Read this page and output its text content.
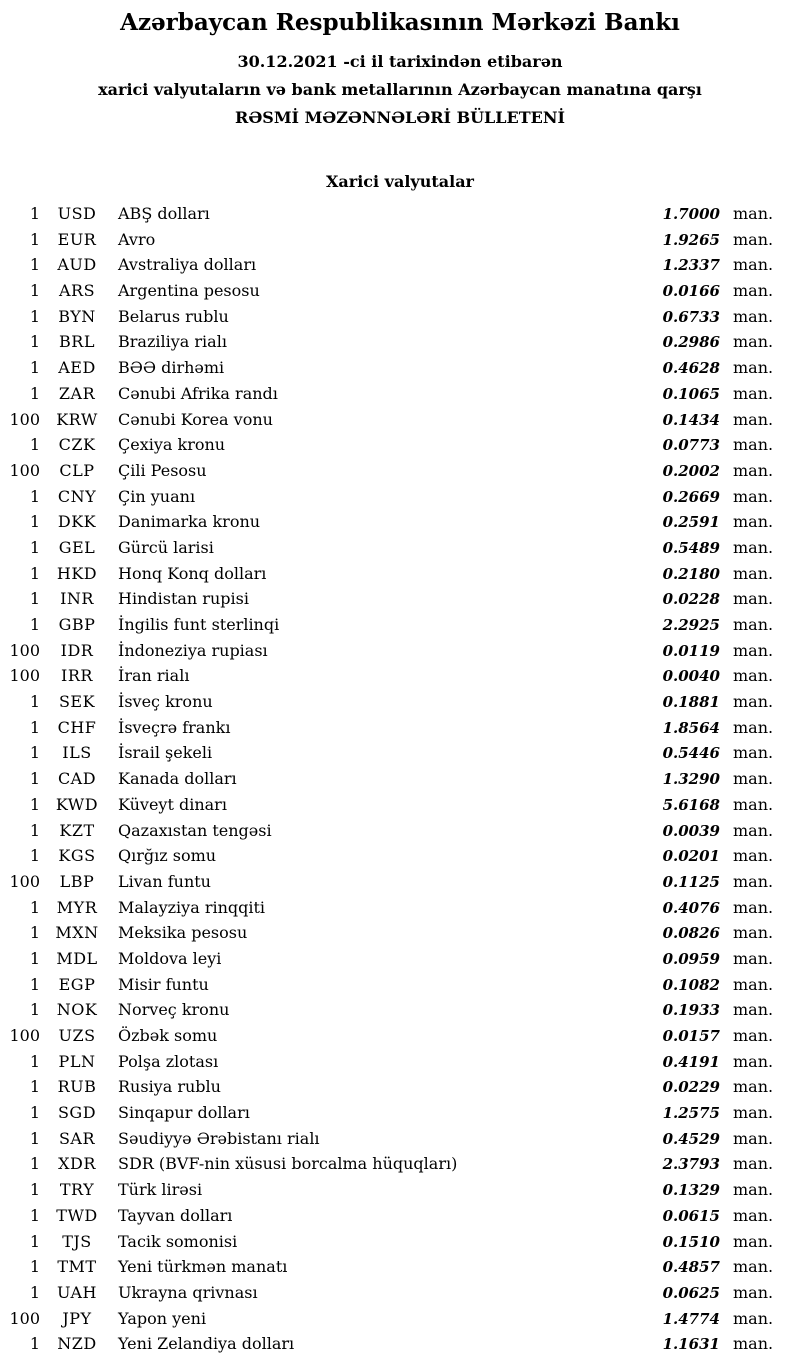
Azərbaycan Respublikasının Mərkəzi Bankı
30.12.2021 -ci il tarixindən etibarən
xarici valyutaların və bank metallarının Azərbaycan manatına qarşı
RƏSMİ MƏZƏNNƏLƏRİ BÜLLETENİ
Xarici valyutalar
1	USD	ABŞ dolları	1.7000 man.
1	EUR	Avro	1.9265 man.
1	AUD	Avstraliya dolları	1.2337 man.
1	ARS	Argentina pesosu	0.0166 man.
1	BYN	Belarus rublu	0.6733 man.
1	BRL	Braziliya rialı	0.2986 man.
1	AED	BƏƏ dirhəmi	0.4628 man.
1	ZAR	Cənubi Afrika randı	0.1065 man.
100	KRW	Cənubi Korea vonu	0.1434 man.
1	CZK	Çexiya kronu	0.0773 man.
100	CLP	Çili Pesosu	0.2002 man.
1	CNY	Çin yuanı	0.2669 man.
1	DKK	Danimarka kronu	0.2591 man.
1	GEL	Gürcü larisi	0.5489 man.
1	HKD	Honq Konq dolları	0.2180 man.
1	INR	Hindistan rupisi	0.0228 man.
1	GBP	İngilis funt sterlinqi	2.2925 man.
100	IDR	İndoneziya rupiası	0.0119 man.
100	IRR	İran rialı	0.0040 man.
1	SEK	İsveç kronu	0.1881 man.
1	CHF	İsveçrə frankı	1.8564 man.
1	ILS	İsrail şekeli	0.5446 man.
1	CAD	Kanada dolları	1.3290 man.
1 KWD	Küveyt dinarı	5.6168 man.
1	KZT	Qazaxıstan tengəsi	0.0039 man.
1	KGS	Qırğız somu	0.0201 man.
100	LBP	Livan funtu	0.1125 man.
1	MYR	Malayziya rinqqiti	0.4076 man.
1 MXN	Meksika pesosu	0.0826 man.
1	MDL	Moldova leyi	0.0959 man.
1	EGP	Misir funtu	0.1082 man.
1	NOK	Norveç kronu	0.1933 man.
100	UZS	Özbək somu	0.0157 man.
1	PLN	Polşa zlotası	0.4191 man.
1	RUB	Rusiya rublu	0.0229 man.
1	SGD	Sinqapur dolları	1.2575 man.
1	SAR	Səudiyyə Ərəbistanı rialı	0.4529 man.
1	XDR	SDR (BVF-nin xüsusi borcalma hüquqları)	2.3793 man.
1	TRY	Türk lirəsi	0.1329 man.
1	TWD	Tayvan dolları	0.0615 man.
1	TJS	Tacik somonisi	0.1510 man.
1	TMT	Yeni türkmən manatı	0.4857 man.
1	UAH	Ukrayna qrivnası	0.0625 man.
100	JPY	Yapon yeni	1.4774 man.
1	NZD	Yeni Zelandiya dolları	1.1631 man.
